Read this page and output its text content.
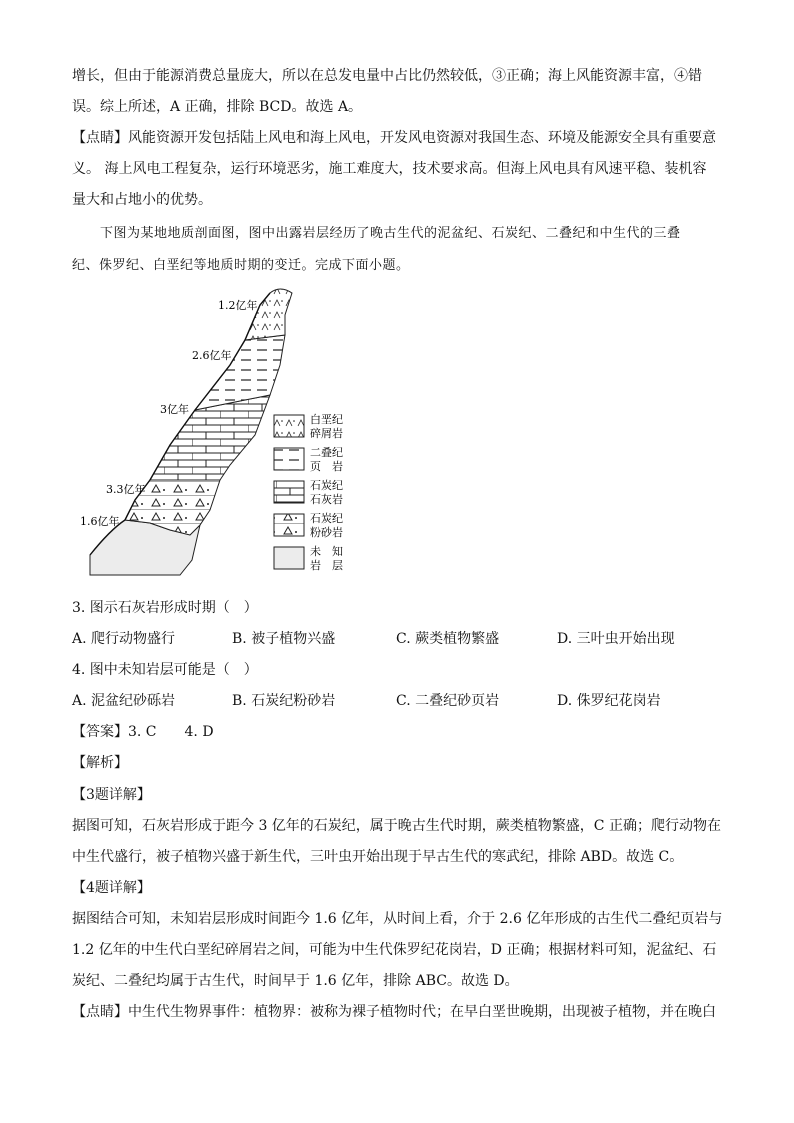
增长，但由于能源消费总量庞大，所以在总发电量中占比仍然较低，③正确；海上风能资源丰富，④错
误。综上所述，A 正确，排除 BCD。故选 A。
【点睛】风能资源开发包括陆上风电和海上风电，开发风电资源对我国生态、环境及能源安全具有重要意
义。 海上风电工程复杂，运行环境恶劣，施工难度大，技术要求高。但海上风电具有风速平稳、装机容
量大和占地小的优势。
下图为某地地质剖面图，图中出露岩层经历了晚古生代的泥盆纪、石炭纪、二叠纪和中生代的三叠
纪、侏罗纪、白垩纪等地质时期的变迁。完成下面小题。
1.2亿年
2.6亿年
3亿年
3.3亿年
1.6亿年
白垩纪
碎屑岩
二叠纪
页　岩
石炭纪
石灰岩
石炭纪
粉砂岩
未　知
岩　层
3. 图示石灰岩形成时期（　）
A. 爬行动物盛行	B. 被子植物兴盛	C. 蕨类植物繁盛	D. 三叶虫开始出现
4. 图中未知岩层可能是（　）
A. 泥盆纪砂砾岩	B. 石炭纪粉砂岩	C. 二叠纪砂页岩	D. 侏罗纪花岗岩
【答案】3. C　　4. D
【解析】
【3题详解】
据图可知，石灰岩形成于距今 3 亿年的石炭纪，属于晚古生代时期，蕨类植物繁盛，C 正确；爬行动物在
中生代盛行，被子植物兴盛于新生代，三叶虫开始出现于早古生代的寒武纪，排除 ABD。故选 C。
【4题详解】
据图结合可知，未知岩层形成时间距今 1.6 亿年，从时间上看，介于 2.6 亿年形成的古生代二叠纪页岩与
1.2 亿年的中生代白垩纪碎屑岩之间，可能为中生代侏罗纪花岗岩，D 正确；根据材料可知，泥盆纪、石
炭纪、二叠纪均属于古生代，时间早于 1.6 亿年，排除 ABC。故选 D。
【点睛】中生代生物界事件：植物界：被称为裸子植物时代；在早白垩世晚期，出现被子植物，并在晚白
